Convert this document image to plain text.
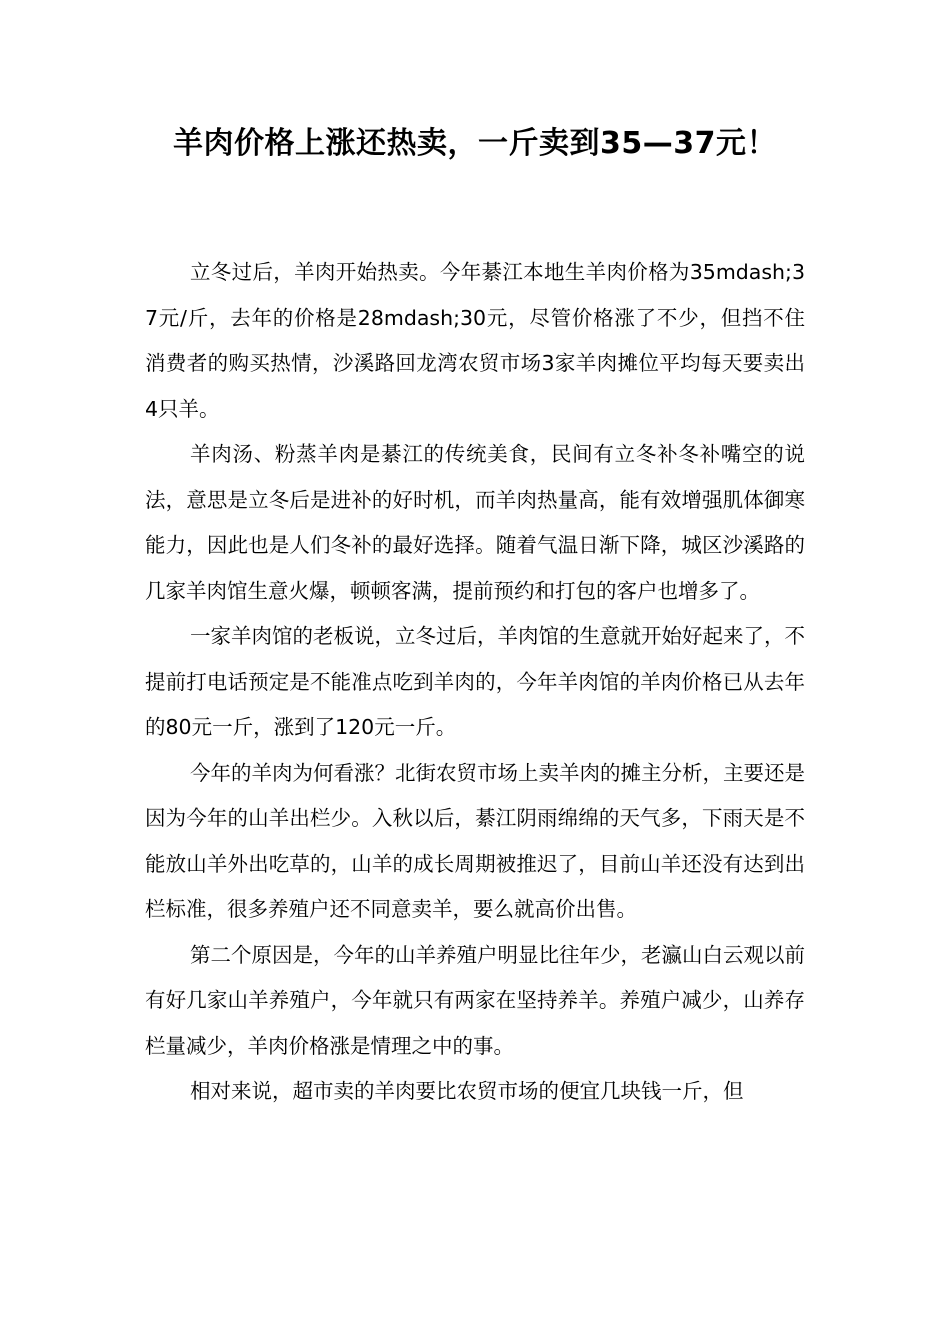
羊肉价格上涨还热卖，一斤卖到35—37元！

立冬过后，羊肉开始热卖。今年綦江本地生羊肉价格为35mdash;37元/斤，去年的价格是28mdash;30元，尽管价格涨了不少，但挡不住消费者的购买热情，沙溪路回龙湾农贸市场3家羊肉摊位平均每天要卖出4只羊。

羊肉汤、粉蒸羊肉是綦江的传统美食，民间有立冬补冬补嘴空的说法，意思是立冬后是进补的好时机，而羊肉热量高，能有效增强肌体御寒能力，因此也是人们冬补的最好选择。随着气温日渐下降，城区沙溪路的几家羊肉馆生意火爆，顿顿客满，提前预约和打包的客户也增多了。

一家羊肉馆的老板说，立冬过后，羊肉馆的生意就开始好起来了，不提前打电话预定是不能准点吃到羊肉的，今年羊肉馆的羊肉价格已从去年的80元一斤，涨到了120元一斤。

今年的羊肉为何看涨？北街农贸市场上卖羊肉的摊主分析，主要还是因为今年的山羊出栏少。入秋以后，綦江阴雨绵绵的天气多，下雨天是不能放山羊外出吃草的，山羊的成长周期被推迟了，目前山羊还没有达到出栏标准，很多养殖户还不同意卖羊，要么就高价出售。

第二个原因是，今年的山羊养殖户明显比往年少，老瀛山白云观以前有好几家山羊养殖户，今年就只有两家在坚持养羊。养殖户减少，山养存栏量减少，羊肉价格涨是情理之中的事。

相对来说，超市卖的羊肉要比农贸市场的便宜几块钱一斤，但
